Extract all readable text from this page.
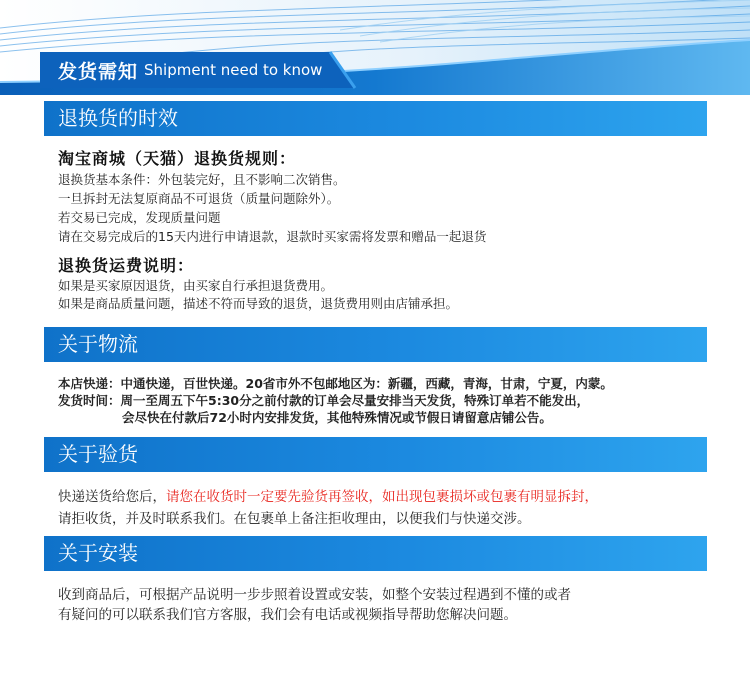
发货需知 Shipment need to know
退换货的时效
淘宝商城（天猫）退换货规则：
退换货基本条件：外包装完好，且不影响二次销售。
一旦拆封无法复原商品不可退货（质量问题除外）。
若交易已完成，发现质量问题
请在交易完成后的15天内进行申请退款，退款时买家需将发票和赠品一起退货
退换货运费说明：
如果是买家原因退货，由买家自行承担退货费用。
如果是商品质量问题，描述不符而导致的退货，退货费用则由店铺承担。
关于物流
本店快递：中通快递，百世快递。20省市外不包邮地区为：新疆，西藏，青海，甘肃，宁夏，内蒙。
发货时间：周一至周五下午5:30分之前付款的订单会尽量安排当天发货，特殊订单若不能发出，
会尽快在付款后72小时内安排发货，其他特殊情况或节假日请留意店铺公告。
关于验货
快递送货给您后，请您在收货时一定要先验货再签收，如出现包裹损坏或包裹有明显拆封，
请拒收货，并及时联系我们。在包裹单上备注拒收理由，以便我们与快递交涉。
关于安装
收到商品后，可根据产品说明一步步照着设置或安装，如整个安装过程遇到不懂的或者
有疑问的可以联系我们官方客服，我们会有电话或视频指导帮助您解决问题。
